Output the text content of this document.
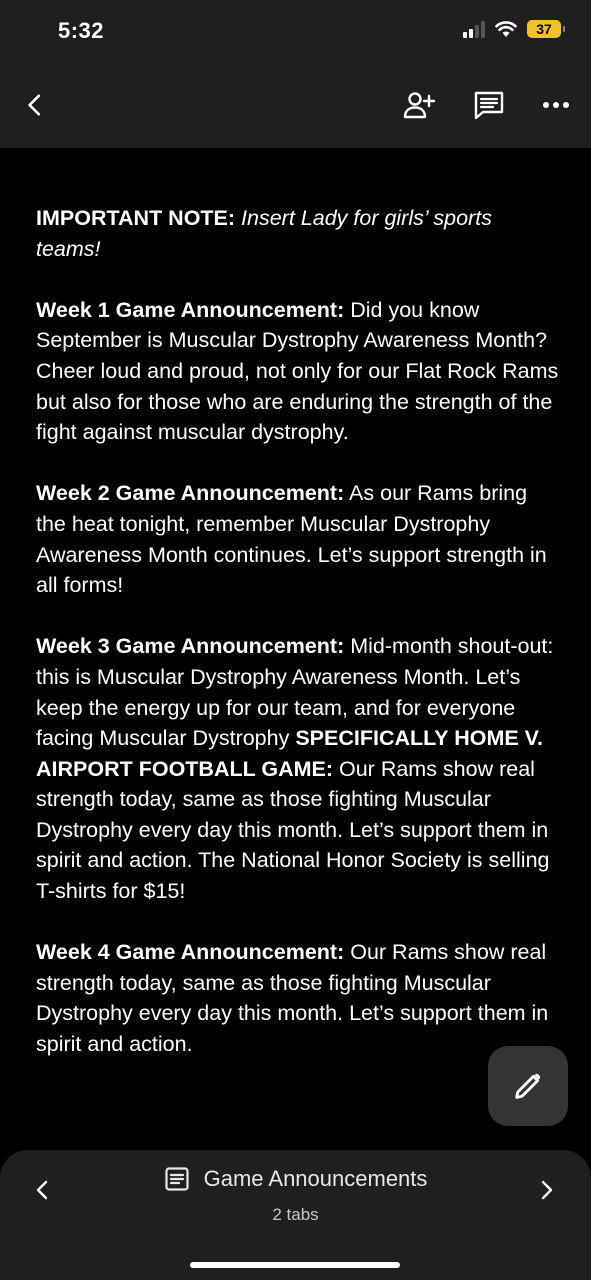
5:32	37

IMPORTANT NOTE: Insert Lady for girls’ sports teams!

Week 1 Game Announcement: Did you know September is Muscular Dystrophy Awareness Month? Cheer loud and proud, not only for our Flat Rock Rams but also for those who are enduring the strength of the fight against muscular dystrophy.

Week 2 Game Announcement: As our Rams bring the heat tonight, remember Muscular Dystrophy Awareness Month continues. Let’s support strength in all forms!

Week 3 Game Announcement: Mid-month shout-out: this is Muscular Dystrophy Awareness Month. Let’s keep the energy up for our team, and for everyone facing Muscular Dystrophy SPECIFICALLY HOME V. AIRPORT FOOTBALL GAME: Our Rams show real strength today, same as those fighting Muscular Dystrophy every day this month. Let’s support them in spirit and action. The National Honor Society is selling T-shirts for $15!

Week 4 Game Announcement: Our Rams show real strength today, same as those fighting Muscular Dystrophy every day this month. Let’s support them in spirit and action.

Game Announcements
2 tabs
